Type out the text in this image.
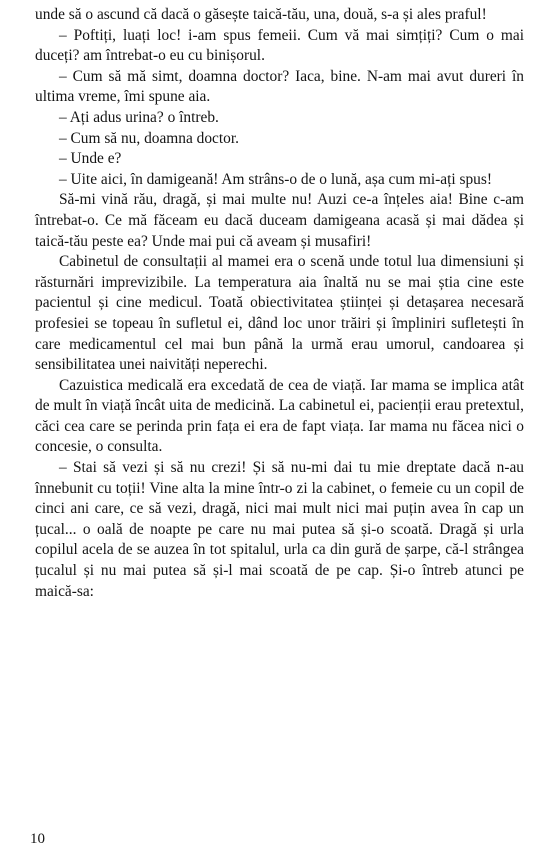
unde să o ascund că dacă o găsește taică-tău, una, două, s-a și ales praful!

– Poftiți, luați loc! i-am spus femeii. Cum vă mai simțiți? Cum o mai duceți? am întrebat-o eu cu binișorul.

– Cum să mă simt, doamna doctor? Iaca, bine. N-am mai avut dureri în ultima vreme, îmi spune aia.

– Ați adus urina? o întreb.

– Cum să nu, doamna doctor.

– Unde e?

– Uite aici, în damigeană! Am strâns-o de o lună, așa cum mi-ați spus!

Să-mi vină rău, dragă, și mai multe nu! Auzi ce-a înțeles aia! Bine c-am întrebat-o. Ce mă făceam eu dacă duceam damigeana acasă și mai dădea și taică-tău peste ea? Unde mai pui că aveam și musafiri!

Cabinetul de consultații al mamei era o scenă unde totul lua dimensiuni și răsturnări imprevizibile. La temperatura aia înaltă nu se mai știa cine este pacientul și cine medicul. Toată obiectivitatea științei și detașarea necesară profesiei se topeau în sufletul ei, dând loc unor trăiri și împliniri sufletești în care medicamentul cel mai bun până la urmă erau umorul, candoarea și sensibilitatea unei naivități neperechi.

Cazuistica medicală era excedată de cea de viață. Iar mama se implica atât de mult în viață încât uita de medicină. La cabinetul ei, pacienții erau pretextul, căci cea care se perinda prin fața ei era de fapt viața. Iar mama nu făcea nici o concesie, o consulta.

– Stai să vezi și să nu crezi! Și să nu-mi dai tu mie dreptate dacă n-au înnebunit cu toții! Vine alta la mine într-o zi la cabinet, o femeie cu un copil de cinci ani care, ce să vezi, dragă, nici mai mult nici mai puțin avea în cap un țucal... o oală de noapte pe care nu mai putea să și-o scoată. Dragă și urla copilul acela de se auzea în tot spitalul, urla ca din gură de șarpe, că-l strângea țucalul și nu mai putea să și-l mai scoată de pe cap. Și-o întreb atunci pe maică-sa:

10
